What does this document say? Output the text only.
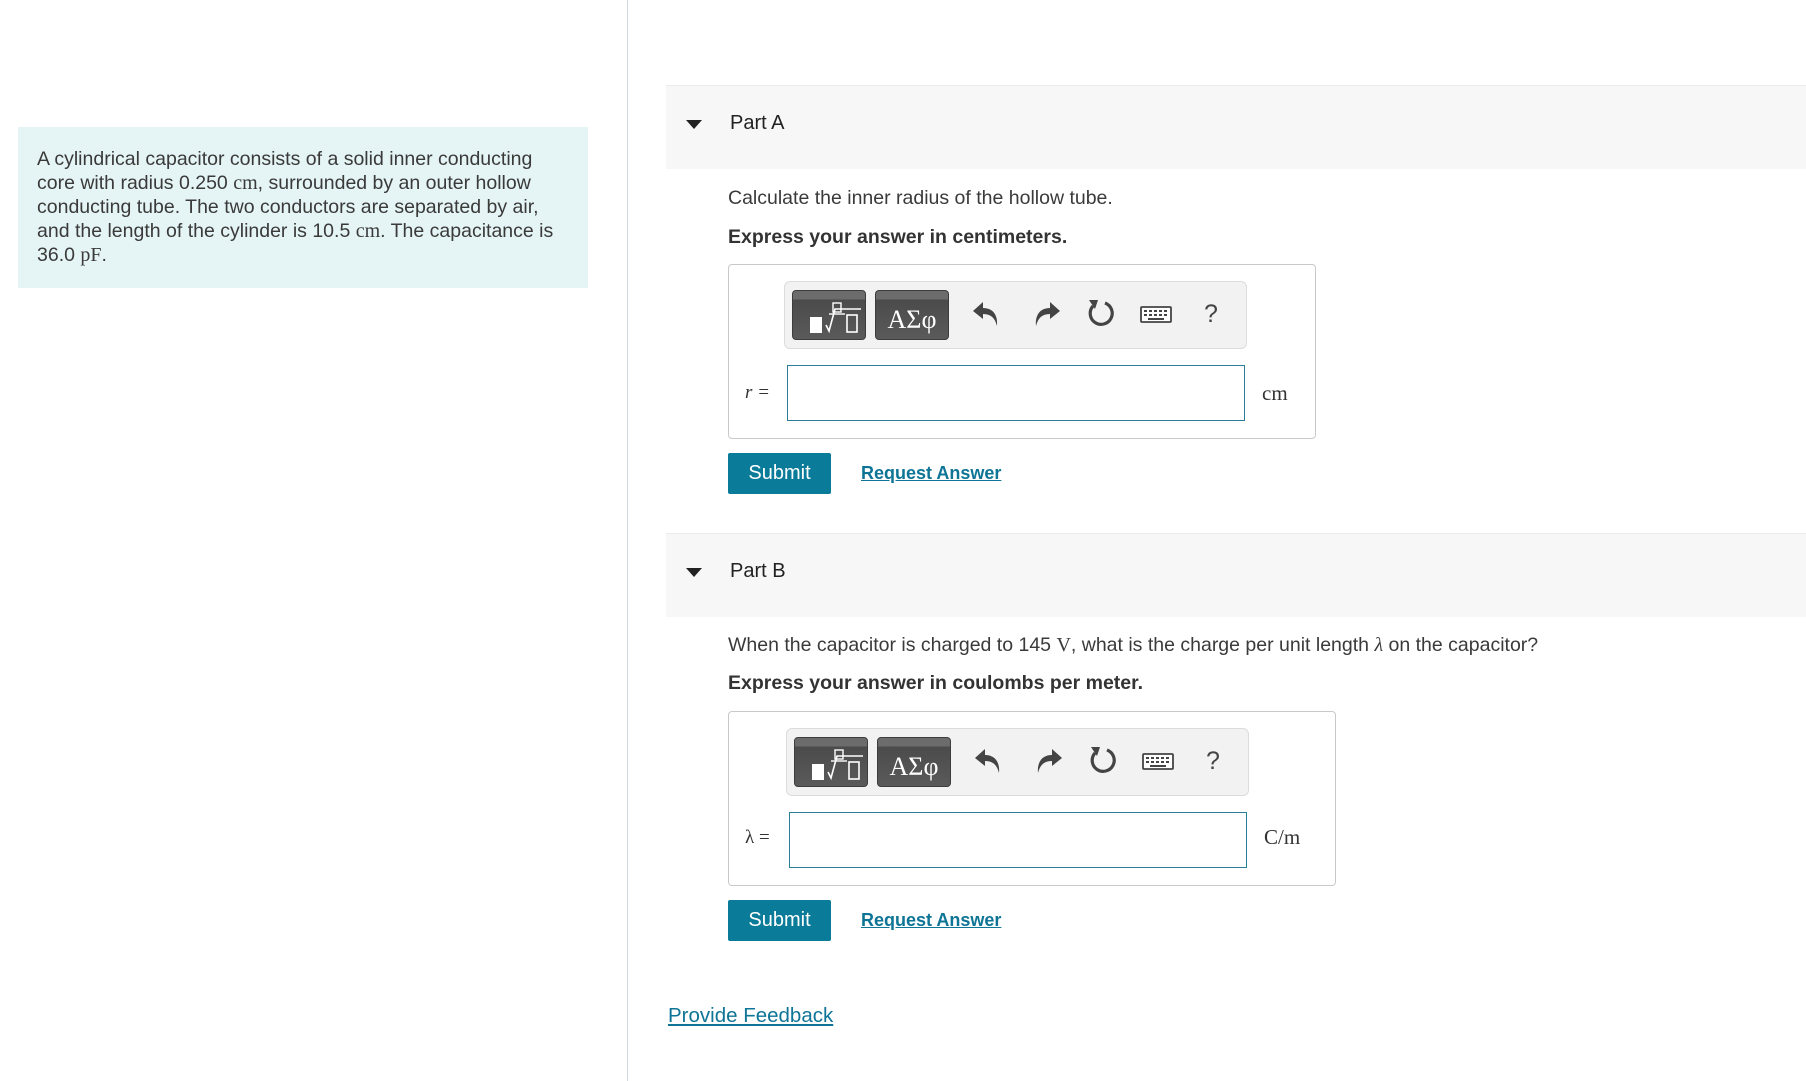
A cylindrical capacitor consists of a solid inner conducting core with radius 0.250 cm, surrounded by an outer hollow conducting tube. The two conductors are separated by air, and the length of the cylinder is 10.5 cm. The capacitance is 36.0 pF.
Part A
Calculate the inner radius of the hollow tube.
Express your answer in centimeters.
ΑΣφ	?
r =	cm
Submit	Request Answer
Part B
When the capacitor is charged to 145 V, what is the charge per unit length λ on the capacitor?
Express your answer in coulombs per meter.
ΑΣφ	?
λ =	C/m
Submit	Request Answer
Provide Feedback
